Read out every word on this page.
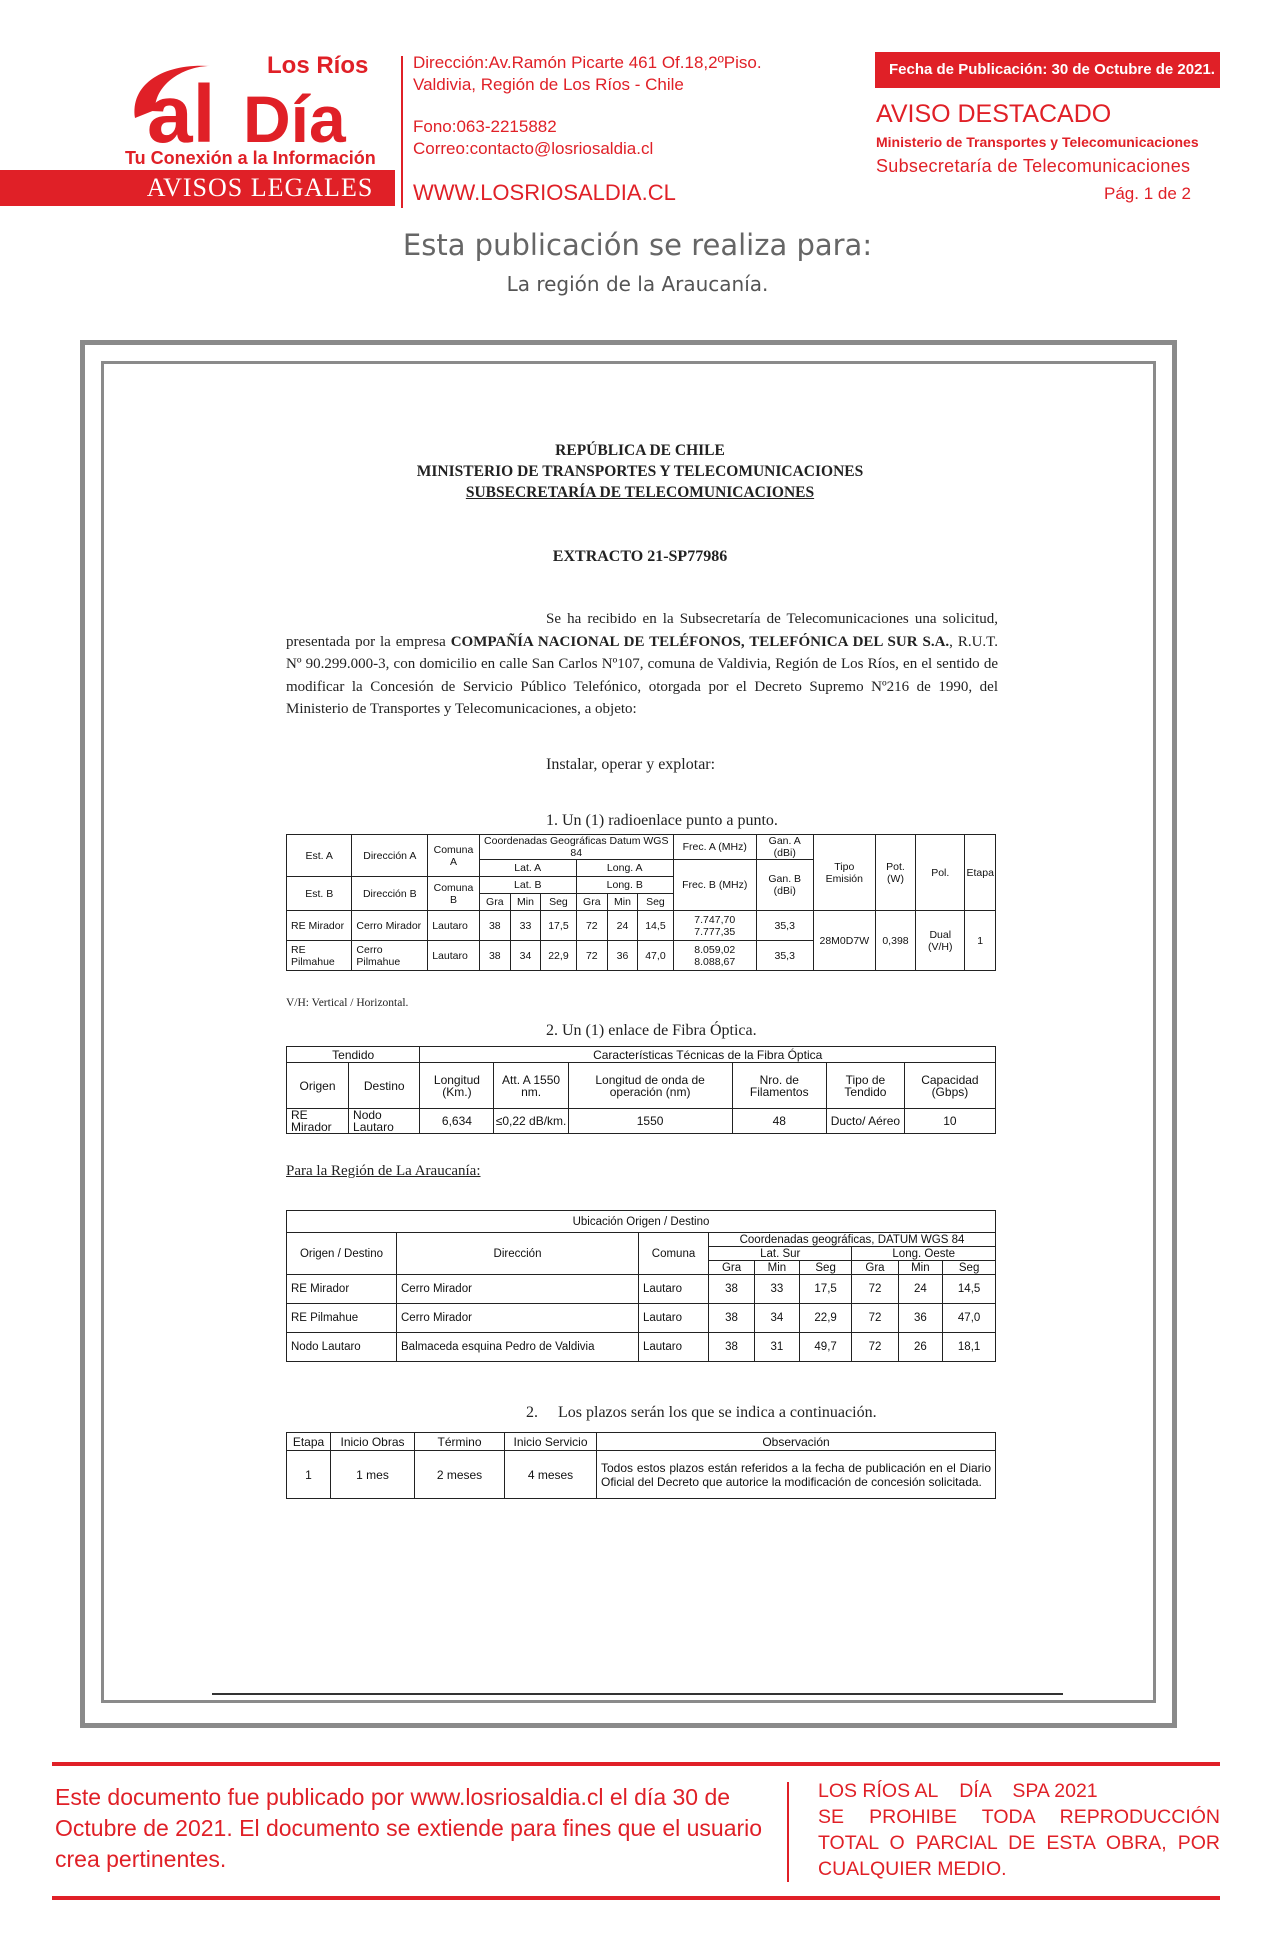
Los Ríos
al Día
Tu Conexión a la Información
AVISOS LEGALES
Dirección:Av.Ramón Picarte 461 Of.18,2ºPiso.
Valdivia, Región de Los Ríos - Chile
Fono:063-2215882
Correo:contacto@losriosaldia.cl
WWW.LOSRIOSALDIA.CL
Fecha de Publicación: 30 de Octubre de 2021.
AVISO DESTACADO
Ministerio de Transportes y Telecomunicaciones
Subsecretaría de Telecomunicaciones
Pág. 1 de 2
Esta publicación se realiza para:
La región de la Araucanía.
REPÚBLICA DE CHILE
MINISTERIO DE TRANSPORTES Y TELECOMUNICACIONES
SUBSECRETARÍA DE TELECOMUNICACIONES
EXTRACTO 21-SP77986
Se ha recibido en la Subsecretaría de Telecomunicaciones una solicitud, presentada por la empresa COMPAÑÍA NACIONAL DE TELÉFONOS, TELEFÓNICA DEL SUR S.A., R.U.T. Nº 90.299.000-3, con domicilio en calle San Carlos Nº107, comuna de Valdivia, Región de Los Ríos, en el sentido de modificar la Concesión de Servicio Público Telefónico, otorgada por el Decreto Supremo Nº216 de 1990, del Ministerio de Transportes y Telecomunicaciones, a objeto:
Instalar, operar y explotar:
1. Un (1) radioenlace punto a punto.
Est. A	Dirección A	Comuna A	Coordenadas Geográficas Datum WGS 84						Frec. A (MHz)	Gan. A (dBi)	Tipo Emisión	Pot. (W)	Pol.	Etapa
			Lat. A			Long. A			Frec. B (MHz)	Gan. B (dBi)				
Est. B	Dirección B	Comuna B	Lat. B			Long. B								
			Gra	Min	Seg	Gra	Min	Seg						
RE Mirador	Cerro Mirador	Lautaro	38	33	17,5	72	24	14,5	7.747,70 7.777,35	35,3	28M0D7W	0,398	Dual (V/H)	1
RE Pilmahue	Cerro Pilmahue	Lautaro	38	34	22,9	72	36	47,0	8.059,02 8.088,67	35,3				
V/H: Vertical / Horizontal.
2. Un (1) enlace de Fibra Óptica.
Tendido		Características Técnicas de la Fibra Óptica					
Origen	Destino	Longitud (Km.)	Att. A 1550 nm.	Longitud de onda de operación (nm)	Nro. de Filamentos	Tipo de Tendido	Capacidad (Gbps)
RE Mirador	Nodo Lautaro	6,634	≤0,22 dB/km.	1550	48	Ducto/ Aéreo	10
Para la Región de La Araucanía:
Ubicación Origen / Destino								
Origen / Destino	Dirección	Comuna	Coordenadas geográficas, DATUM WGS 84					
			Lat. Sur			Long. Oeste		
			Gra	Min	Seg	Gra	Min	Seg
RE Mirador	Cerro Mirador	Lautaro	38	33	17,5	72	24	14,5
RE Pilmahue	Cerro Mirador	Lautaro	38	34	22,9	72	36	47,0
Nodo Lautaro	Balmaceda esquina Pedro de Valdivia	Lautaro	38	31	49,7	72	26	18,1
2.     Los plazos serán los que se indica a continuación.
Etapa	Inicio Obras	Término	Inicio Servicio	Observación
1	1 mes	2 meses	4 meses	Todos estos plazos están referidos a la fecha de publicación en el Diario Oficial del Decreto que autorice la modificación de concesión solicitada.
Este documento fue publicado por www.losriosaldia.cl el día 30 de Octubre de 2021. El documento se extiende para fines que el usuario crea pertinentes.
LOS RÍOS AL    DÍA    SPA 2021
SE PROHIBE TODA REPRODUCCIÓN TOTAL O PARCIAL DE ESTA OBRA, POR CUALQUIER MEDIO.
